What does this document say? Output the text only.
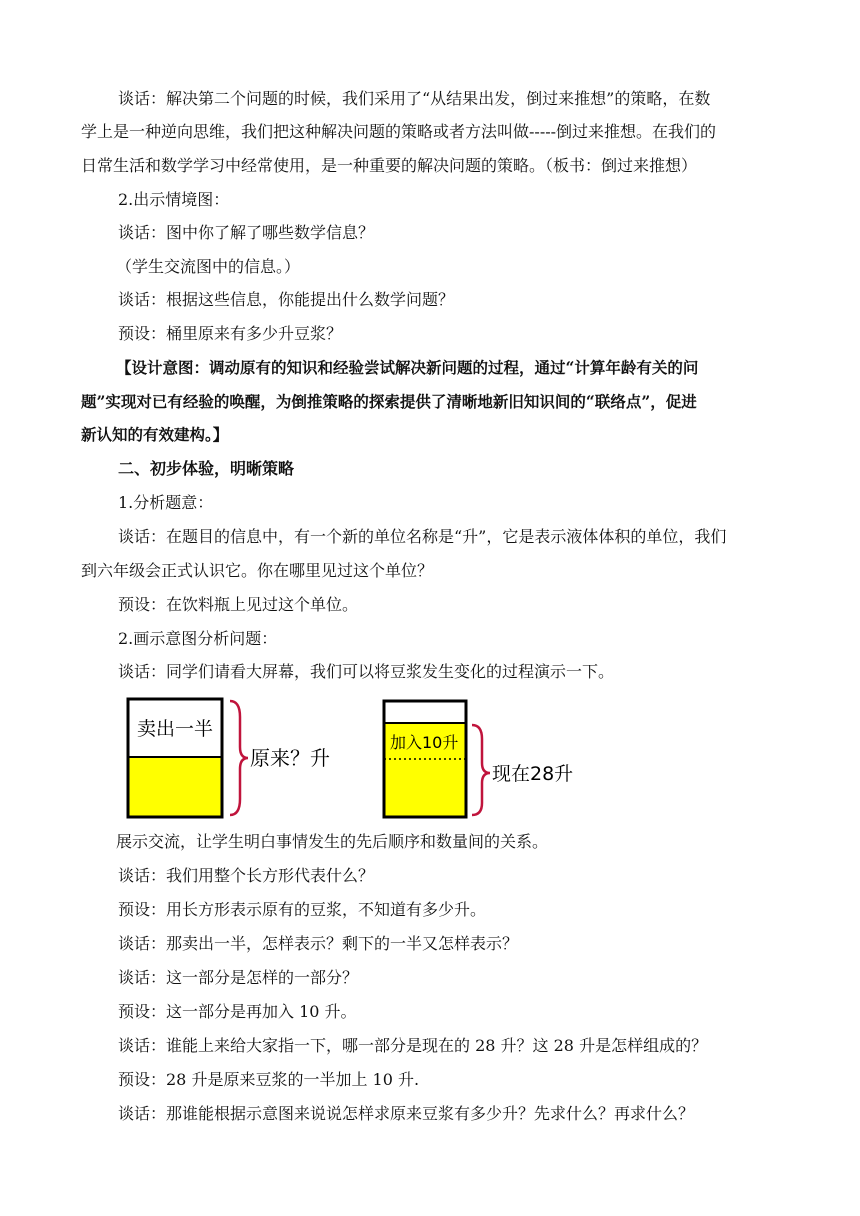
谈话：解决第二个问题的时候，我们采用了“从结果出发，倒过来推想”的策略，在数
学上是一种逆向思维，我们把这种解决问题的策略或者方法叫做-----倒过来推想。在我们的
日常生活和数学学习中经常使用，是一种重要的解决问题的策略。（板书：倒过来推想）
2.出示情境图：
谈话：图中你了解了哪些数学信息？
（学生交流图中的信息。）
谈话：根据这些信息，你能提出什么数学问题？
预设：桶里原来有多少升豆浆？
【设计意图：调动原有的知识和经验尝试解决新问题的过程，通过“计算年龄有关的问
题”实现对已有经验的唤醒，为倒推策略的探索提供了清晰地新旧知识间的“联络点”，促进
新认知的有效建构。】
二、初步体验，明晰策略
1.分析题意：
谈话：在题目的信息中，有一个新的单位名称是“升”，它是表示液体体积的单位，我们
到六年级会正式认识它。你在哪里见过这个单位？
预设：在饮料瓶上见过这个单位。
2.画示意图分析问题：
谈话：同学们请看大屏幕，我们可以将豆浆发生变化的过程演示一下。
卖出一半
原来？升
加入10升
现在28升
展示交流，让学生明白事情发生的先后顺序和数量间的关系。
谈话：我们用整个长方形代表什么？
预设：用长方形表示原有的豆浆，不知道有多少升。
谈话：那卖出一半，怎样表示？剩下的一半又怎样表示？
谈话：这一部分是怎样的一部分？
预设：这一部分是再加入 10 升。
谈话：谁能上来给大家指一下，哪一部分是现在的 28 升？这 28 升是怎样组成的？
预设：28 升是原来豆浆的一半加上 10 升.
谈话：那谁能根据示意图来说说怎样求原来豆浆有多少升？先求什么？再求什么？
